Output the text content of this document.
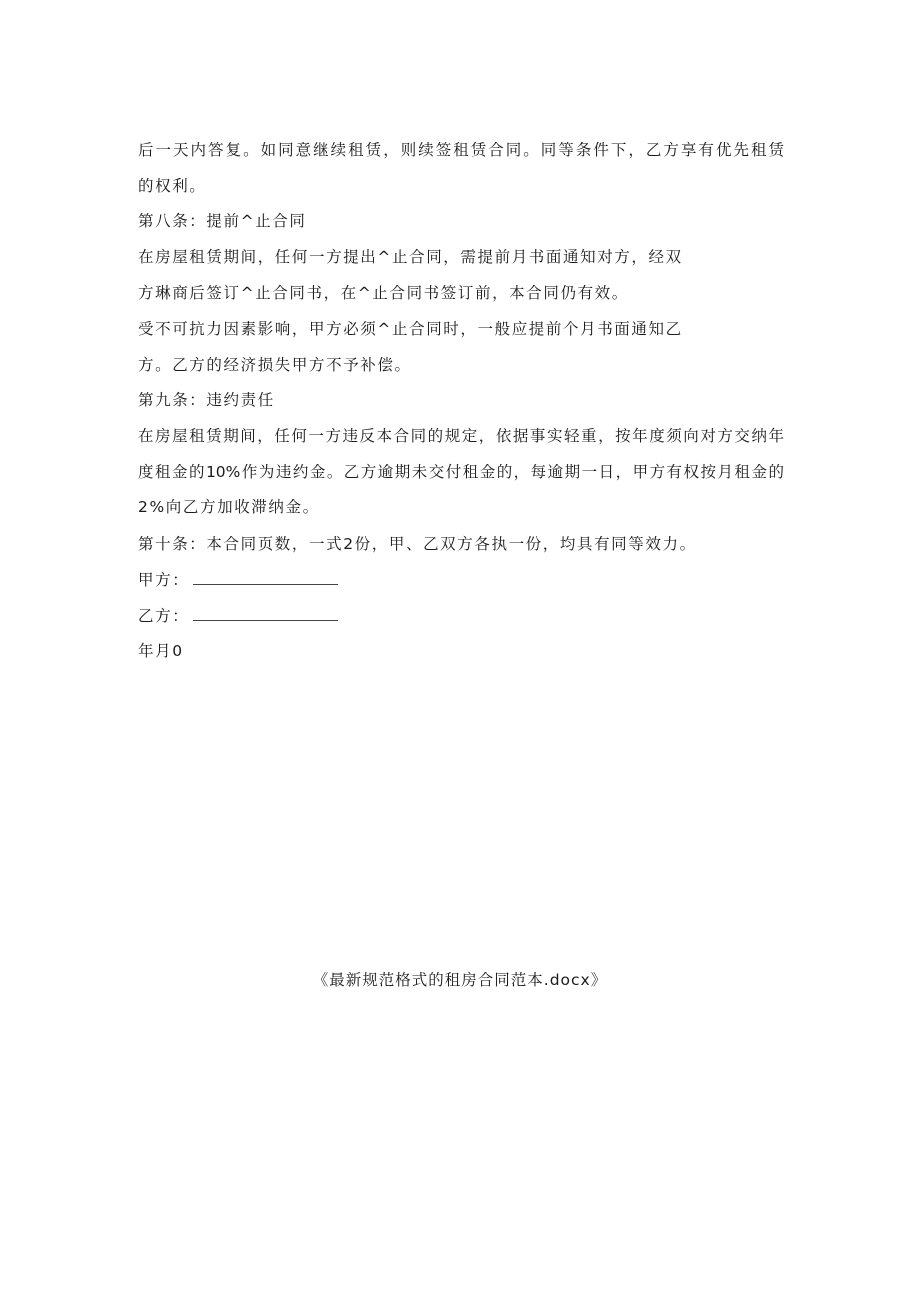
后一天内答复。如同意继续租赁，则续签租赁合同。同等条件下，乙方享有优先租赁
的权利。
第八条：提前^止合同
在房屋租赁期间，任何一方提出^止合同，需提前月书面通知对方，经双
方琳商后签订^止合同书，在^止合同书签订前，本合同仍有效。
受不可抗力因素影响，甲方必须^止合同时，一般应提前个月书面通知乙
方。乙方的经济损失甲方不予补偿。
第九条：违约责任
在房屋租赁期间，任何一方违反本合同的规定，依据事实轻重，按年度须向对方交纳年
度租金的10%作为违约金。乙方逾期未交付租金的，每逾期一日，甲方有权按月租金的
2%向乙方加收滞纳金。
第十条：本合同页数，一式2份，甲、乙双方各执一份，均具有同等效力。
甲方：
乙方：
年月0
《最新规范格式的租房合同范本.docx》
